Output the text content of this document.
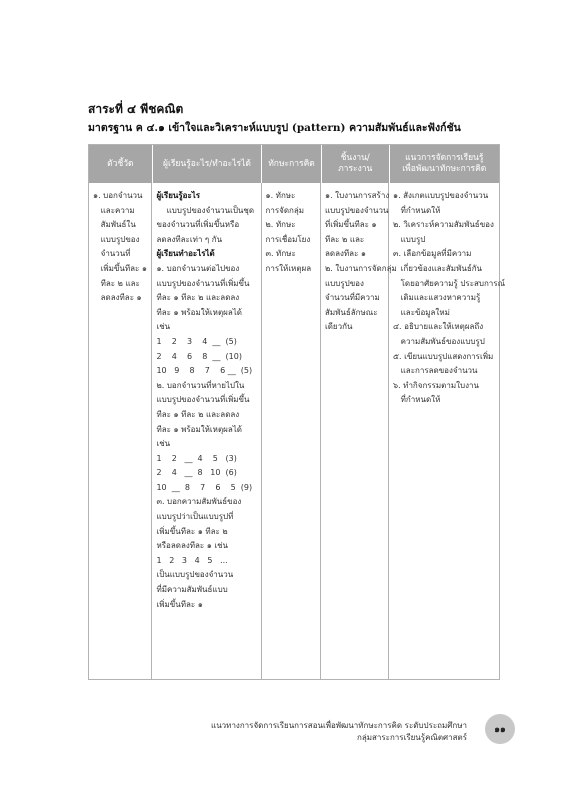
สาระที่ ๔ พีชคณิต
มาตรฐาน ค ๔.๑ เข้าใจและวิเคราะห์แบบรูป (pattern) ความสัมพันธ์และฟังก์ชัน
ตัวชี้วัด	ผู้เรียนรู้อะไร/ทำอะไรได้	ทักษะการคิด
ชิ้นงาน/
ภาระงาน
แนวการจัดการเรียนรู้
เพื่อพัฒนาทักษะการคิด
๑. บอกจำนวน
และความ
สัมพันธ์ใน
แบบรูปของ
จำนวนที่
เพิ่มขึ้นทีละ ๑
ทีละ ๒ และ
ลดลงทีละ ๑
ผู้เรียนรู้อะไร
แบบรูปของจำนวนเป็นชุด
ของจำนวนที่เพิ่มขึ้นหรือ
ลดลงทีละเท่า ๆ กัน
ผู้เรียนทำอะไรได้
๑. บอกจำนวนต่อไปของ
แบบรูปของจำนวนที่เพิ่มขึ้น
ทีละ ๑ ทีละ ๒ และลดลง
ทีละ ๑ พร้อมให้เหตุผลได้
เช่น
1    2    3    4  __  (5)
2    4    6    8  __  (10)
10   9    8    7    6 __  (5)
๒. บอกจำนวนที่หายไปใน
แบบรูปของจำนวนที่เพิ่มขึ้น
ทีละ ๑ ทีละ ๒ และลดลง
ทีละ ๑ พร้อมให้เหตุผลได้
เช่น
1    2   __  4    5   (3)
2    4   __  8   10  (6)
10  __  8    7    6    5  (9)
๓. บอกความสัมพันธ์ของ
แบบรูปว่าเป็นแบบรูปที่
เพิ่มขึ้นทีละ ๑ ทีละ ๒
หรือลดลงทีละ ๑ เช่น
1   2   3   4   5   ...
เป็นแบบรูปของจำนวน
ที่มีความสัมพันธ์แบบ
เพิ่มขึ้นทีละ ๑
๑. ทักษะ
การจัดกลุ่ม
๒. ทักษะ
การเชื่อมโยง
๓. ทักษะ
การให้เหตุผล
๑. ใบงานการสร้าง
แบบรูปของจำนวน
ที่เพิ่มขึ้นทีละ ๑
ทีละ ๒ และ
ลดลงทีละ ๑
๒. ใบงานการจัดกลุ่ม
แบบรูปของ
จำนวนที่มีความ
สัมพันธ์ลักษณะ
เดียวกัน
๑. สังเกตแบบรูปของจำนวน
ที่กำหนดให้
๒. วิเคราะห์ความสัมพันธ์ของ
แบบรูป
๓. เลือกข้อมูลที่มีความ
เกี่ยวข้องและสัมพันธ์กัน
โดยอาศัยความรู้ ประสบการณ์
เดิมและแสวงหาความรู้
และข้อมูลใหม่
๔. อธิบายและให้เหตุผลถึง
ความสัมพันธ์ของแบบรูป
๕. เขียนแบบรูปแสดงการเพิ่ม
และการลดของจำนวน
๖. ทำกิจกรรมตามใบงาน
ที่กำหนดให้
แนวทางการจัดการเรียนการสอนเพื่อพัฒนาทักษะการคิด ระดับประถมศึกษา
กลุ่มสาระการเรียนรู้คณิตศาสตร์
๑๑
